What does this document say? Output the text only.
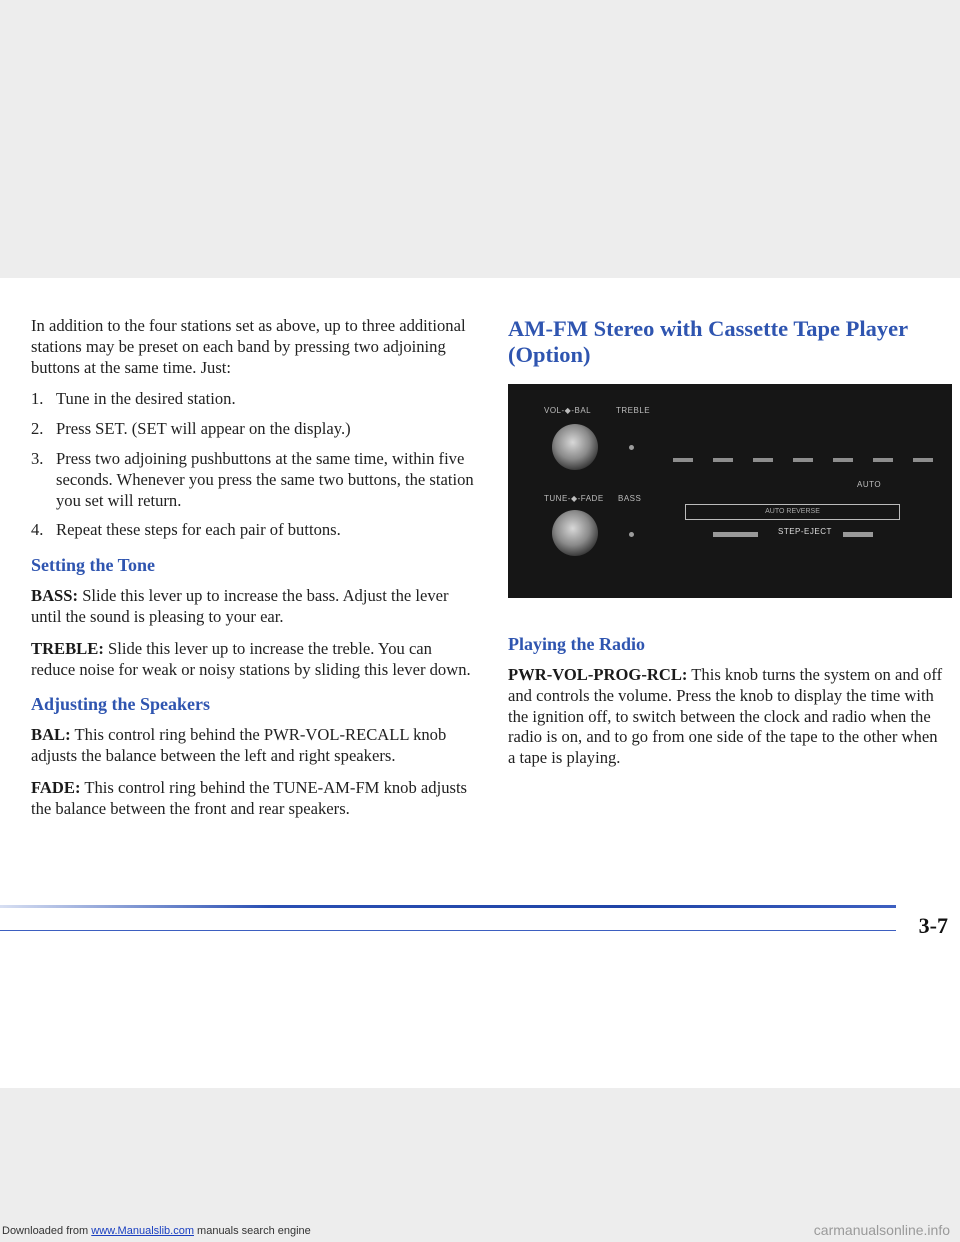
In addition to the four stations set as above, up to three additional stations may be preset on each band by pressing two adjoining buttons at the same time. Just:

1. Tune in the desired station.
2. Press SET. (SET will appear on the display.)
3. Press two adjoining pushbuttons at the same time, within five seconds. Whenever you press the same two buttons, the station you set will return.
4. Repeat these steps for each pair of buttons.
Setting the Tone

BASS: Slide this lever up to increase the bass. Adjust the lever until the sound is pleasing to your ear.

TREBLE: Slide this lever up to increase the treble. You can reduce noise for weak or noisy stations by sliding this lever down.

Adjusting the Speakers

BAL: This control ring behind the PWR-VOL-RECALL knob adjusts the balance between the left and right speakers.

FADE: This control ring behind the TUNE-AM-FM knob adjusts the balance between the front and rear speakers.

AM-FM Stereo with Cassette Tape Player (Option)
VOL-◆-BAL	TREBLE
TUNE-◆-FADE BASS
AUTO
AUTO REVERSE
STEP-EJECT
Playing the Radio

PWR-VOL-PROG-RCL: This knob turns the system on and off and controls the volume. Press the knob to display the time with the ignition off, to switch between the clock and radio when the radio is on, and to go from one side of the tape to the other when a tape is playing.

3-7
Downloaded from www.Manualslib.com manuals search engine	carmanualsonline.info
